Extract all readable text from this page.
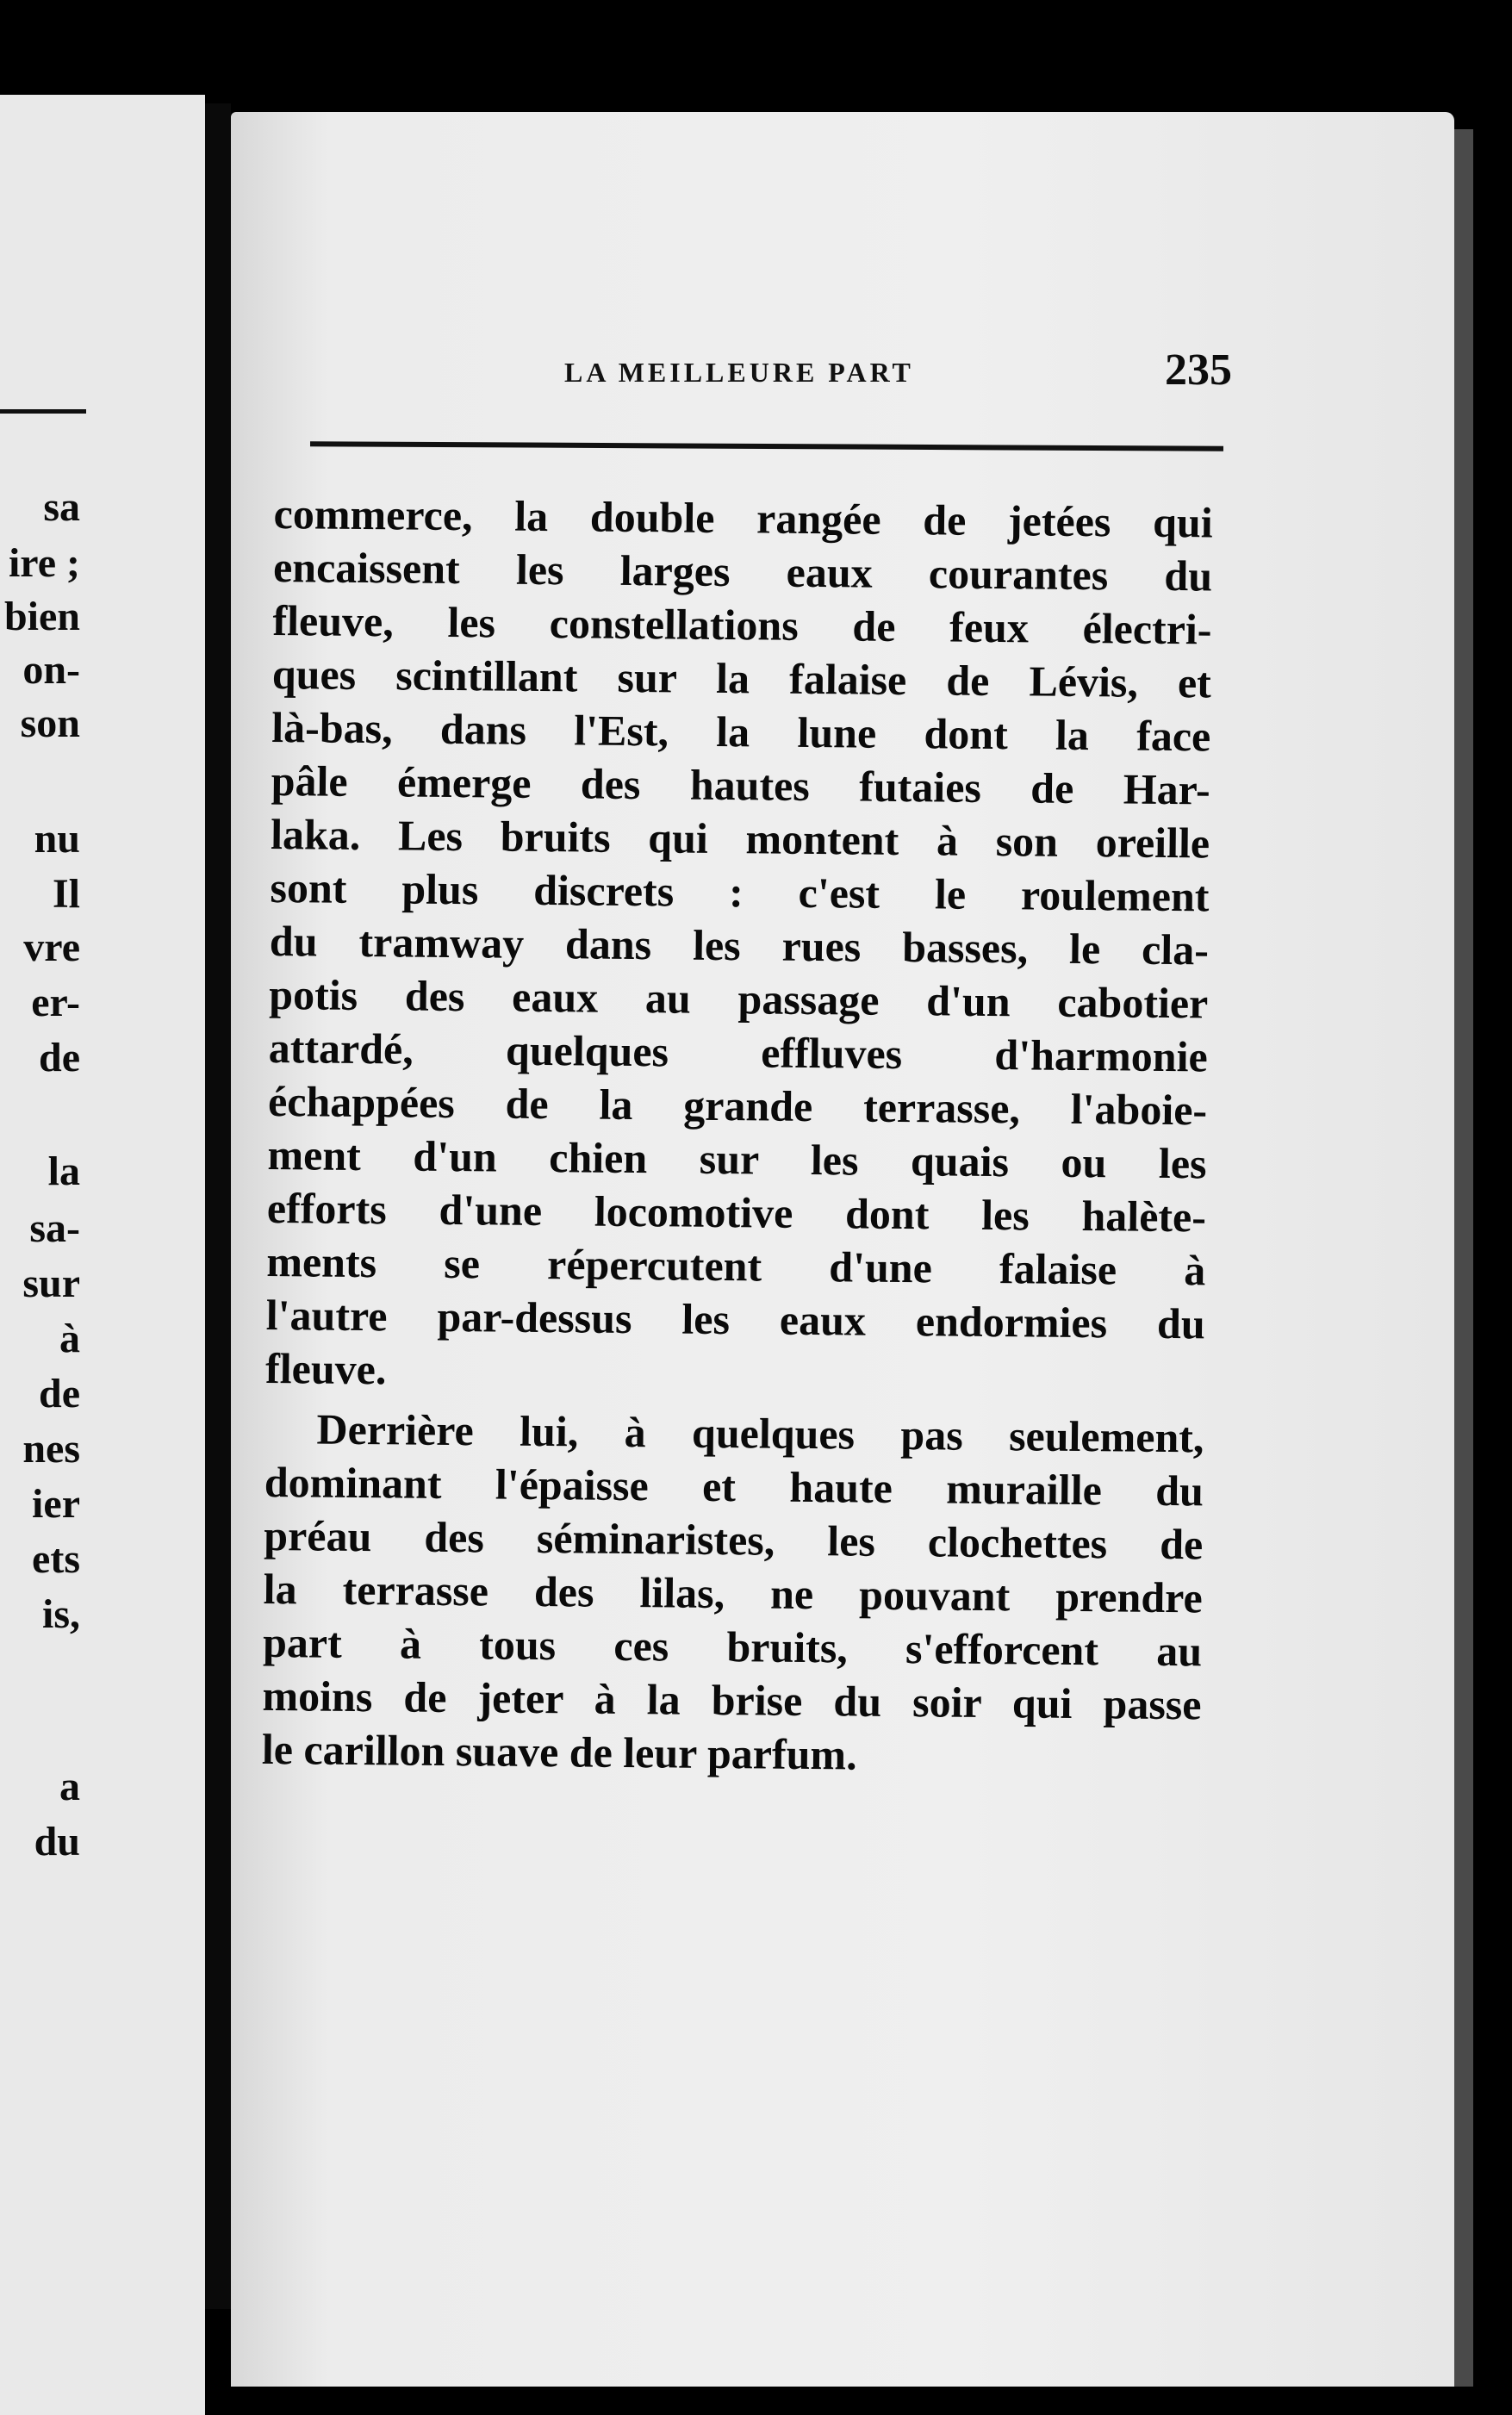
sa
ire ;
bien
on-
son
nu
Il
vre
er-
de
la
sa-
sur
à
de
nes
ier
ets
is,
a
du
LA MEILLEURE PART	235
commerce, la double rangée de jetées qui
encaissent les larges eaux courantes du
fleuve, les constellations de feux électri-
ques scintillant sur la falaise de Lévis, et
là-bas, dans l'Est, la lune dont la face
pâle émerge des hautes futaies de Har-
laka. Les bruits qui montent à son oreille
sont plus discrets : c'est le roulement
du tramway dans les rues basses, le cla-
potis des eaux au passage d'un cabotier
attardé, quelques effluves d'harmonie
échappées de la grande terrasse, l'aboie-
ment d'un chien sur les quais ou les
efforts d'une locomotive dont les halète-
ments se répercutent d'une falaise à
l'autre par-dessus les eaux endormies du
fleuve.
Derrière lui, à quelques pas seulement,
dominant l'épaisse et haute muraille du
préau des séminaristes, les clochettes de
la terrasse des lilas, ne pouvant prendre
part à tous ces bruits, s'efforcent au
moins de jeter à la brise du soir qui passe
le carillon suave de leur parfum.
